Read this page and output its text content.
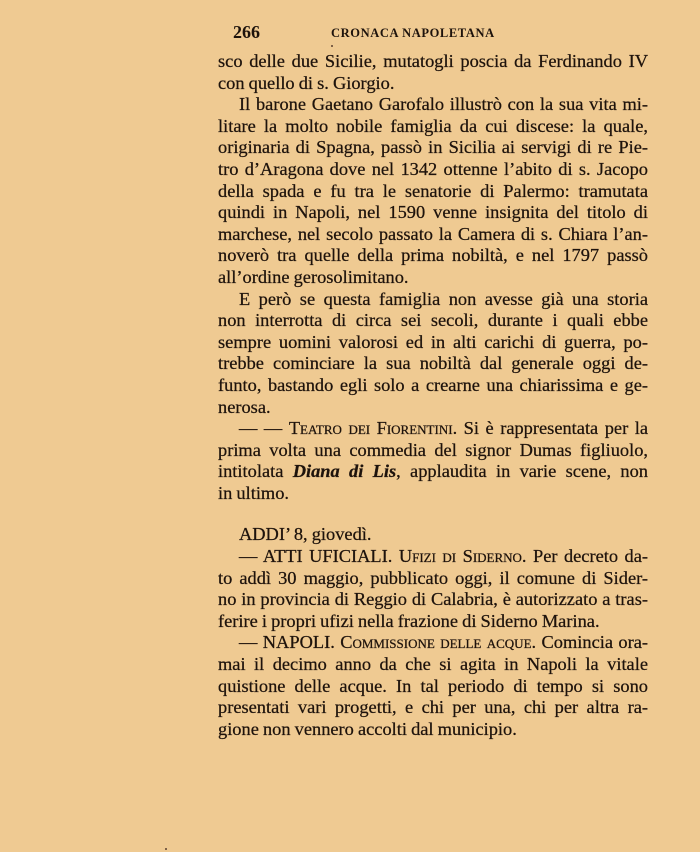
266	CRONACA NAPOLETANA
sco delle due Sicilie, mutatogli poscia da Ferdinando IV
con quello di s. Giorgio.
Il barone Gaetano Garofalo illustrò con la sua vita mi-
litare la molto nobile famiglia da cui discese: la quale,
originaria di Spagna, passò in Sicilia ai servigi di re Pie-
tro d’Aragona dove nel 1342 ottenne l’abito di s. Jacopo
della spada e fu tra le senatorie di Palermo: tramutata
quindi in Napoli, nel 1590 venne insignita del titolo di
marchese, nel secolo passato la Camera di s. Chiara l’an-
noverò tra quelle della prima nobiltà, e nel 1797 passò
all’ordine gerosolimitano.
E però se questa famiglia non avesse già una storia
non interrotta di circa sei secoli, durante i quali ebbe
sempre uomini valorosi ed in alti carichi di guerra, po-
trebbe cominciare la sua nobiltà dal generale oggi de-
funto, bastando egli solo a crearne una chiarissima e ge-
nerosa.
— — Teatro dei Fiorentini. Si è rappresentata per la
prima volta una commedia del signor Dumas figliuolo,
intitolata Diana di Lis, applaudita in varie scene, non
in ultimo.
ADDI’ 8, giovedì.
— ATTI UFICIALI. Ufizi di Siderno. Per decreto da-
to addì 30 maggio, pubblicato oggi, il comune di Sider-
no in provincia di Reggio di Calabria, è autorizzato a tras-
ferire i propri ufizi nella frazione di Siderno Marina.
— NAPOLI. Commissione delle acque. Comincia ora-
mai il decimo anno da che si agita in Napoli la vitale
quistione delle acque. In tal periodo di tempo si sono
presentati vari progetti, e chi per una, chi per altra ra-
gione non vennero accolti dal municipio.
